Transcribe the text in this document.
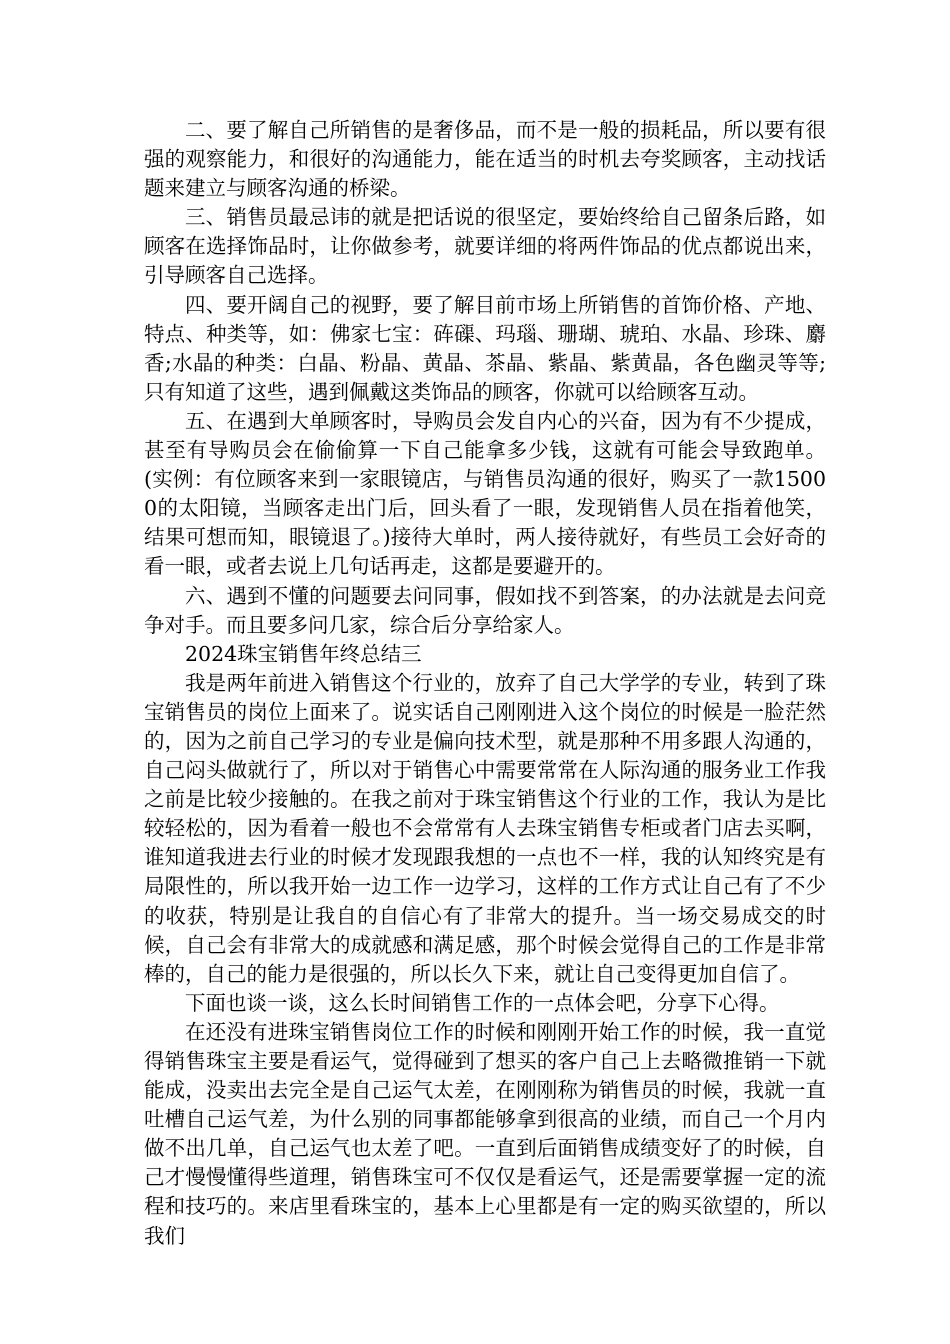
二、要了解自己所销售的是奢侈品，而不是一般的损耗品，所以要有很强的观察能力，和很好的沟通能力，能在适当的时机去夸奖顾客，主动找话题来建立与顾客沟通的桥梁。

三、销售员最忌讳的就是把话说的很坚定，要始终给自己留条后路，如顾客在选择饰品时，让你做参考，就要详细的将两件饰品的优点都说出来，引导顾客自己选择。

四、要开阔自己的视野，要了解目前市场上所销售的首饰价格、产地、特点、种类等，如：佛家七宝：砗磲、玛瑙、珊瑚、琥珀、水晶、珍珠、麝香;水晶的种类：白晶、粉晶、黄晶、茶晶、紫晶、紫黄晶，各色幽灵等等;只有知道了这些，遇到佩戴这类饰品的顾客，你就可以给顾客互动。

五、在遇到大单顾客时，导购员会发自内心的兴奋，因为有不少提成，甚至有导购员会在偷偷算一下自己能拿多少钱，这就有可能会导致跑单。(实例：有位顾客来到一家眼镜店，与销售员沟通的很好，购买了一款15000的太阳镜，当顾客走出门后，回头看了一眼，发现销售人员在指着他笑，结果可想而知，眼镜退了。)接待大单时，两人接待就好，有些员工会好奇的看一眼，或者去说上几句话再走，这都是要避开的。

六、遇到不懂的问题要去问同事，假如找不到答案，的办法就是去问竞争对手。而且要多问几家，综合后分享给家人。

2024珠宝销售年终总结三

我是两年前进入销售这个行业的，放弃了自己大学学的专业，转到了珠宝销售员的岗位上面来了。说实话自己刚刚进入这个岗位的时候是一脸茫然的，因为之前自己学习的专业是偏向技术型，就是那种不用多跟人沟通的，自己闷头做就行了，所以对于销售心中需要常常在人际沟通的服务业工作我之前是比较少接触的。在我之前对于珠宝销售这个行业的工作，我认为是比较轻松的，因为看着一般也不会常常有人去珠宝销售专柜或者门店去买啊，谁知道我进去行业的时候才发现跟我想的一点也不一样，我的认知终究是有局限性的，所以我开始一边工作一边学习，这样的工作方式让自己有了不少的收获，特别是让我自的自信心有了非常大的提升。当一场交易成交的时候，自己会有非常大的成就感和满足感，那个时候会觉得自己的工作是非常棒的，自己的能力是很强的，所以长久下来，就让自己变得更加自信了。

下面也谈一谈，这么长时间销售工作的一点体会吧，分享下心得。

在还没有进珠宝销售岗位工作的时候和刚刚开始工作的时候，我一直觉得销售珠宝主要是看运气，觉得碰到了想买的客户自己上去略微推销一下就能成，没卖出去完全是自己运气太差，在刚刚称为销售员的时候，我就一直吐槽自己运气差，为什么别的同事都能够拿到很高的业绩，而自己一个月内做不出几单，自己运气也太差了吧。一直到后面销售成绩变好了的时候，自己才慢慢懂得些道理，销售珠宝可不仅仅是看运气，还是需要掌握一定的流程和技巧的。来店里看珠宝的，基本上心里都是有一定的购买欲望的，所以我们
